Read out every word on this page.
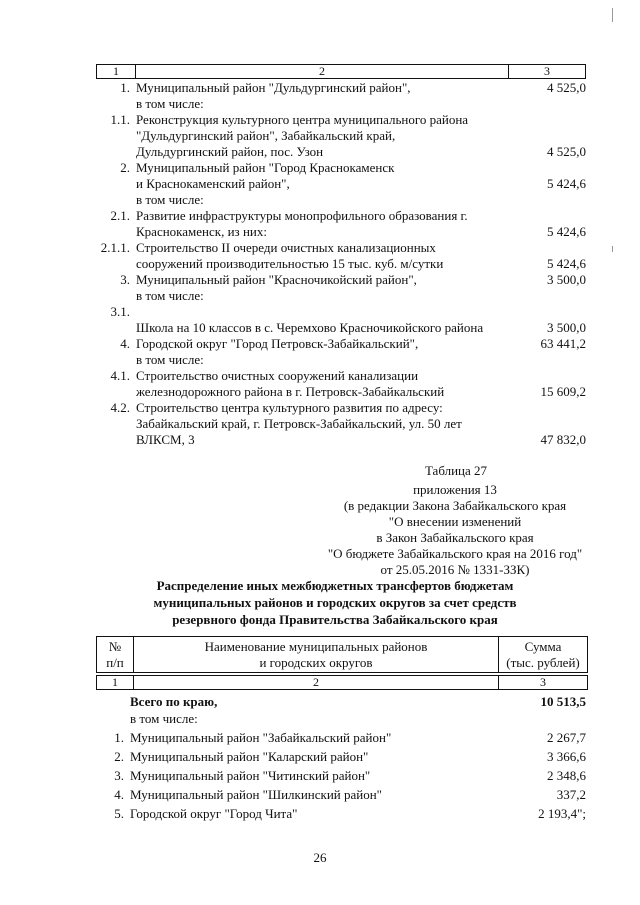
1	2	3
1. Муниципальный район "Дульдургинский район",
в том числе:
4 525,0
1.1. Реконструкция культурного центра муниципального района "Дульдургинский район", Забайкальский край, Дульдургинский район, пос. Узон	4 525,0
2. Муниципальный район "Город Краснокаменск
и Краснокаменский район",	5 424,6
в том числе:
2.1. Развитие инфраструктуры монопрофильного образования г. Краснокаменск, из них:	5 424,6
2.1.1. Строительство II очереди очистных канализационных сооружений производительностью 15 тыс. куб. м/сутки	5 424,6
3. Муниципальный район "Красночикойский район",	3 500,0
в том числе:
3.1.
Школа на 10 классов в с. Черемхово Красночикойского района	3 500,0
4. Городской округ "Город Петровск-Забайкальский",	63 441,2
в том числе:
4.1. Строительство очистных сооружений канализации железнодорожного района в г. Петровск-Забайкальский	15 609,2
4.2. Строительство центра культурного развития по адресу: Забайкальский край, г. Петровск-Забайкальский, ул. 50 лет ВЛКСМ, 3	47 832,0
Таблица 27
приложения 13
(в редакции Закона Забайкальского края
"О внесении изменений
в Закон Забайкальского края
"О бюджете Забайкальского края на 2016 год"
от 25.05.2016 № 1331-ЗЗК)
Распределение иных межбюджетных трансфертов бюджетам
муниципальных районов и городских округов за счет средств
резервного фонда Правительства Забайкальского края
№
п/п
Наименование муниципальных районов
и городских округов
Сумма
(тыс. рублей)
1	2	3
Всего по краю,	10 513,5
в том числе:
1. Муниципальный район "Забайкальский район"	2 267,7
2. Муниципальный район "Каларский район"	3 366,6
3. Муниципальный район "Читинский район"	2 348,6
4. Муниципальный район "Шилкинский район"	337,2
5. Городской округ "Город Чита"	2 193,4";
26
